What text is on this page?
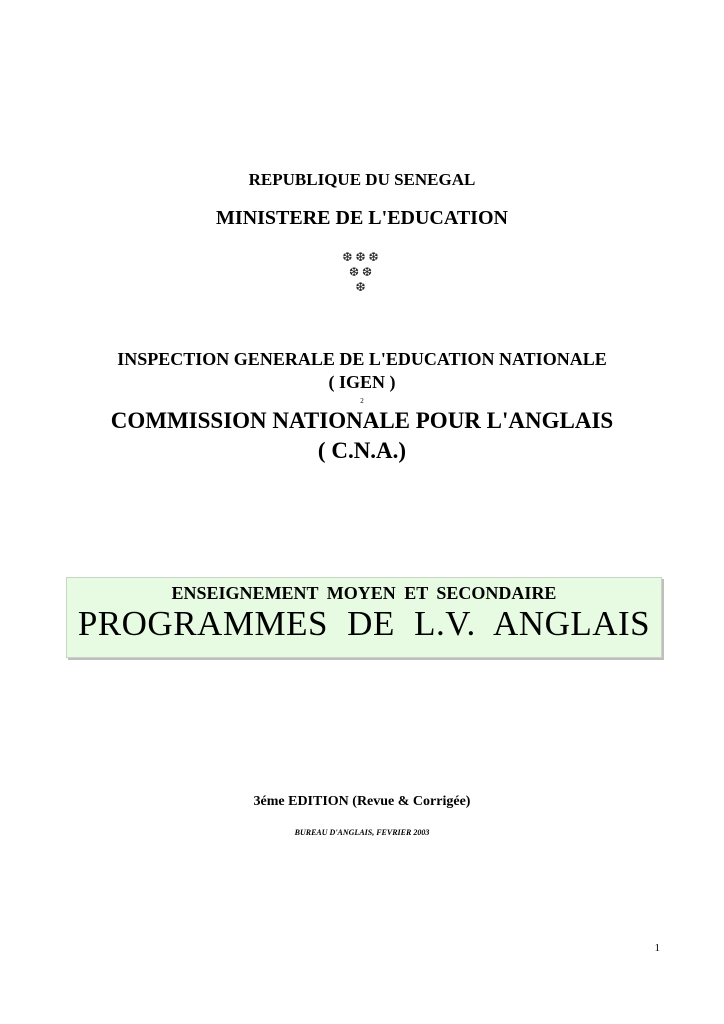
REPUBLIQUE DU SENEGAL
MINISTERE DE L'EDUCATION
❆❆❆
❆❆
❆
INSPECTION GENERALE DE L'EDUCATION NATIONALE
( IGEN )
2
COMMISSION NATIONALE POUR L'ANGLAIS
( C.N.A.)
ENSEIGNEMENT MOYEN ET SECONDAIRE
PROGRAMMES DE L.V. ANGLAIS
3éme EDITION (Revue & Corrigée)
BUREAU D'ANGLAIS, FEVRIER 2003
1
